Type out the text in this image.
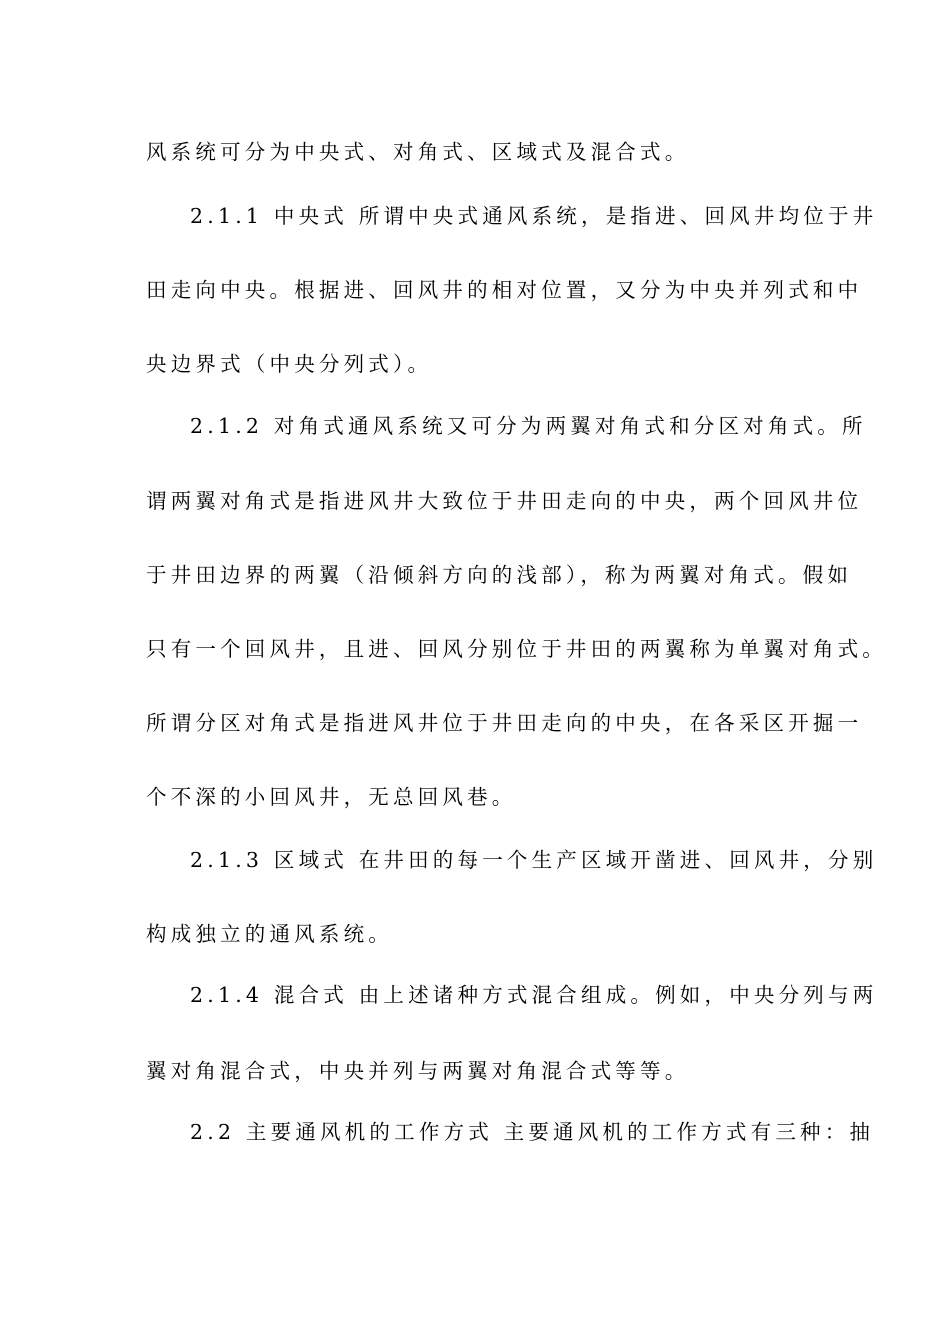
风系统可分为中央式、对角式、区域式及混合式。
2.1.1 中央式 所谓中央式通风系统，是指进、回风井均位于井
田走向中央。根据进、回风井的相对位置，又分为中央并列式和中
央边界式（中央分列式）。
2.1.2 对角式通风系统又可分为两翼对角式和分区对角式。所
谓两翼对角式是指进风井大致位于井田走向的中央，两个回风井位
于井田边界的两翼（沿倾斜方向的浅部），称为两翼对角式。假如
只有一个回风井，且进、回风分别位于井田的两翼称为单翼对角式。
所谓分区对角式是指进风井位于井田走向的中央，在各采区开掘一
个不深的小回风井，无总回风巷。
2.1.3 区域式 在井田的每一个生产区域开凿进、回风井，分别
构成独立的通风系统。
2.1.4 混合式 由上述诸种方式混合组成。例如，中央分列与两
翼对角混合式，中央并列与两翼对角混合式等等。
2.2 主要通风机的工作方式 主要通风机的工作方式有三种：抽
